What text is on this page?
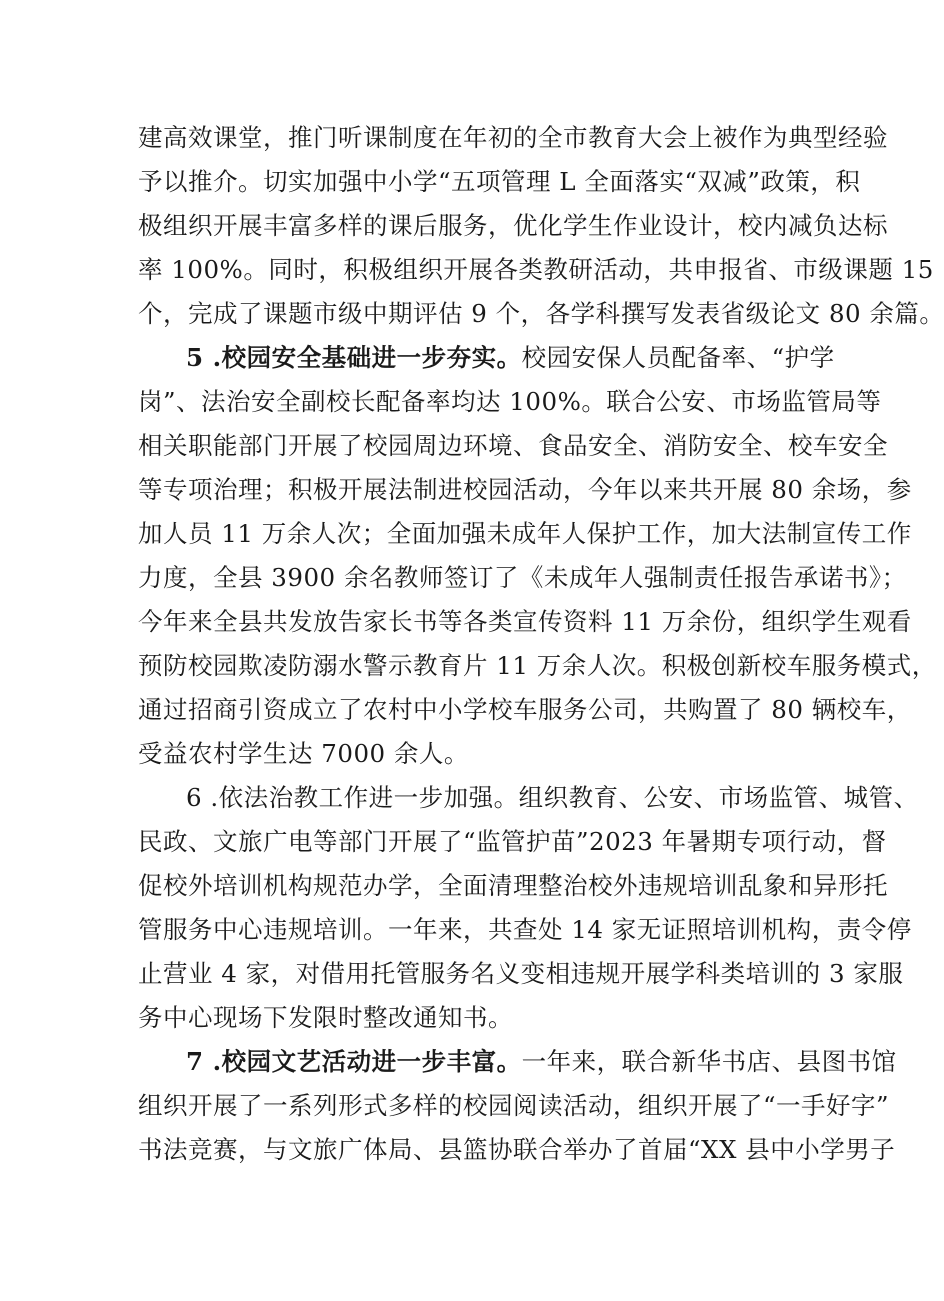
建高效课堂，推门听课制度在年初的全市教育大会上被作为典型经验
予以推介。切实加强中小学“五项管理 L 全面落实“双减”政策，积
极组织开展丰富多样的课后服务，优化学生作业设计，校内减负达标
率 100%。同时，积极组织开展各类教研活动，共申报省、市级课题 15
个，完成了课题市级中期评估 9 个，各学科撰写发表省级论文 80 余篇。
5 .校园安全基础进一步夯实。校园安保人员配备率、“护学
岗”、法治安全副校长配备率均达 100%。联合公安、市场监管局等
相关职能部门开展了校园周边环境、食品安全、消防安全、校车安全
等专项治理；积极开展法制进校园活动，今年以来共开展 80 余场，参
加人员 11 万余人次；全面加强未成年人保护工作，加大法制宣传工作
力度，全县 3900 余名教师签订了《未成年人强制责任报告承诺书》；
今年来全县共发放告家长书等各类宣传资料 11 万余份，组织学生观看
预防校园欺凌防溺水警示教育片 11 万余人次。积极创新校车服务模式，
通过招商引资成立了农村中小学校车服务公司，共购置了 80 辆校车，
受益农村学生达 7000 余人。
6 .依法治教工作进一步加强。组织教育、公安、市场监管、城管、
民政、文旅广电等部门开展了“监管护苗”2023 年暑期专项行动，督
促校外培训机构规范办学，全面清理整治校外违规培训乱象和异形托
管服务中心违规培训。一年来，共查处 14 家无证照培训机构，责令停
止营业 4 家，对借用托管服务名义变相违规开展学科类培训的 3 家服
务中心现场下发限时整改通知书。
7 .校园文艺活动进一步丰富。一年来，联合新华书店、县图书馆
组织开展了一系列形式多样的校园阅读活动，组织开展了“一手好字”
书法竞赛，与文旅广体局、县篮协联合举办了首届“XX 县中小学男子
